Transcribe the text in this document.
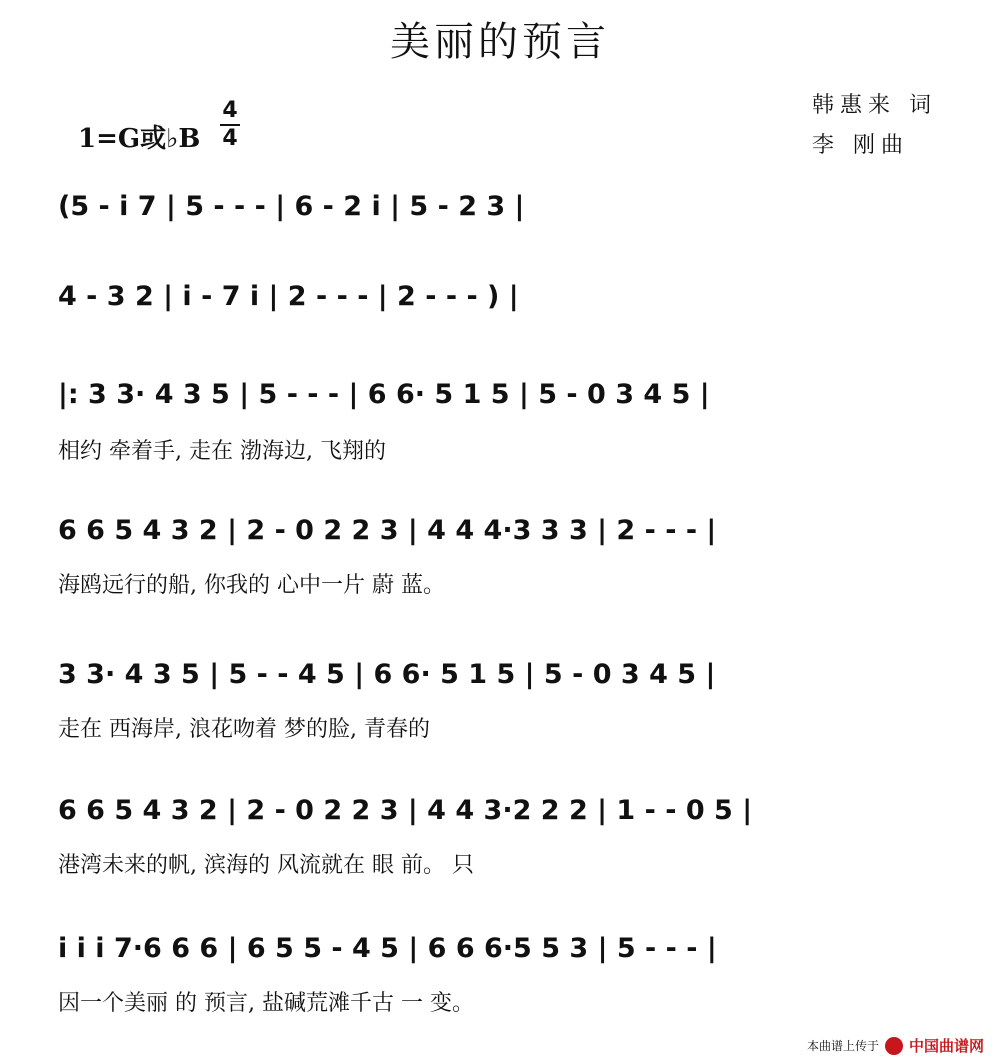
美丽的预言
1=G或♭B
4
4
韩惠来 词
李 刚曲
(5 - i 7 | 5 - - - | 6 - 2 i | 5 - 2 3 |
4 - 3 2 | i - 7 i | 2 - - - | 2 - - - ) |
|: 3 3· 4 3 5 | 5 - - - | 6 6· 5 1 5 | 5 - 0 3 4 5 |
相约 牵着手, 走在 渤海边, 飞翔的
6 6 5 4 3 2 | 2 - 0 2 2 3 | 4 4 4·3 3 3 | 2 - - - |
海鸥远行的船, 你我的 心中一片 蔚 蓝。
3 3· 4 3 5 | 5 - - 4 5 | 6 6· 5 1 5 | 5 - 0 3 4 5 |
走在 西海岸, 浪花吻着 梦的脸, 青春的
6 6 5 4 3 2 | 2 - 0 2 2 3 | 4 4 3·2 2 2 | 1 - - 0 5 |
港湾未来的帆, 滨海的 风流就在 眼 前。 只
i i i 7·6 6 6 | 6 5 5 - 4 5 | 6 6 6·5 5 3 | 5 - - - |
因一个美丽 的 预言, 盐碱荒滩千古 一 变。
本曲谱上传于 中国曲谱网
